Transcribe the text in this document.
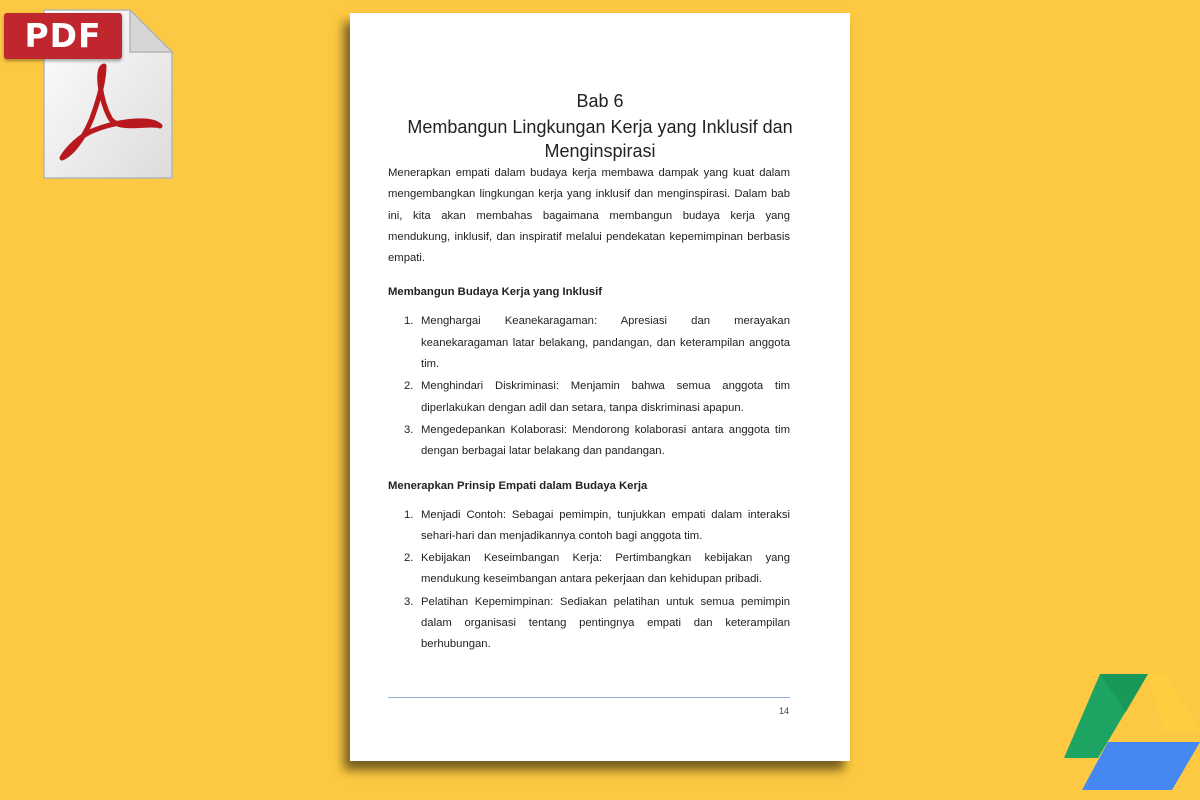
PDF
Bab 6
Membangun Lingkungan Kerja yang Inklusif dan Menginspirasi

Menerapkan empati dalam budaya kerja membawa dampak yang kuat dalam mengembangkan lingkungan kerja yang inklusif dan menginspirasi. Dalam bab ini, kita akan membahas bagaimana membangun budaya kerja yang mendukung, inklusif, dan inspiratif melalui pendekatan kepemimpinan berbasis empati.

Membangun Budaya Kerja yang Inklusif
1. Menghargai Keanekaragaman: Apresiasi dan merayakan keanekaragaman latar belakang, pandangan, dan keterampilan anggota tim.
2. Menghindari Diskriminasi: Menjamin bahwa semua anggota tim diperlakukan dengan adil dan setara, tanpa diskriminasi apapun.
3. Mengedepankan Kolaborasi: Mendorong kolaborasi antara anggota tim dengan berbagai latar belakang dan pandangan.
Menerapkan Prinsip Empati dalam Budaya Kerja
1. Menjadi Contoh: Sebagai pemimpin, tunjukkan empati dalam interaksi sehari-hari dan menjadikannya contoh bagi anggota tim.
2. Kebijakan Keseimbangan Kerja: Pertimbangkan kebijakan yang mendukung keseimbangan antara pekerjaan dan kehidupan pribadi.
3. Pelatihan Kepemimpinan: Sediakan pelatihan untuk semua pemimpin dalam organisasi tentang pentingnya empati dan keterampilan berhubungan.
14
